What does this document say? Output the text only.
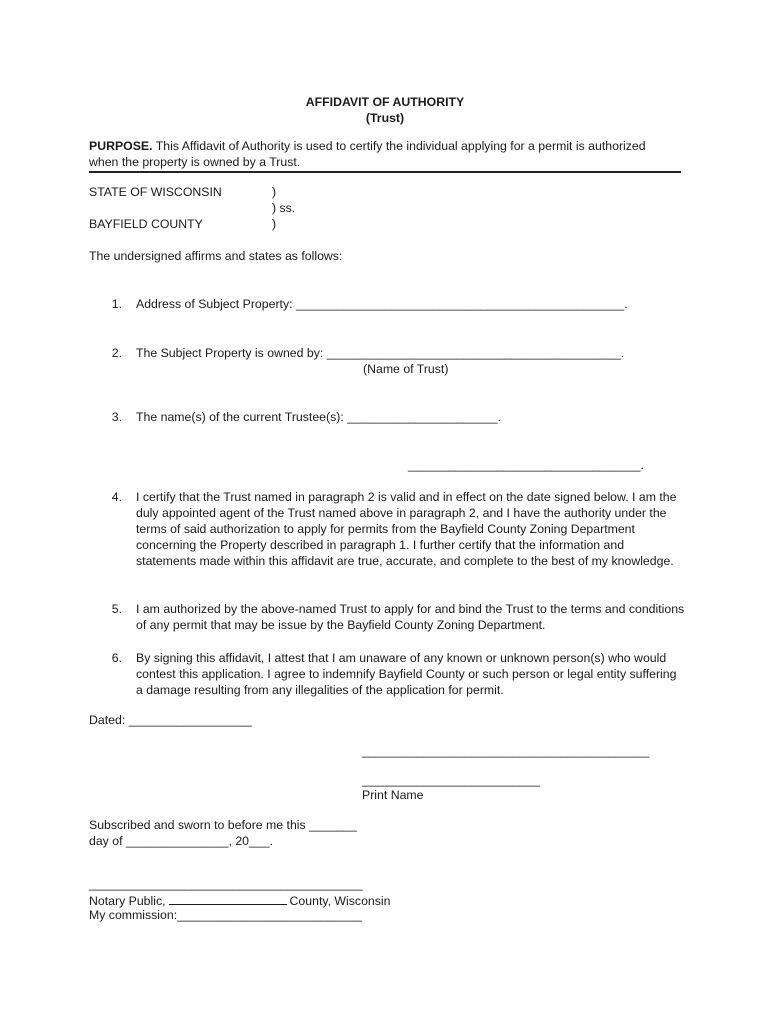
AFFIDAVIT OF AUTHORITY
(Trust)
PURPOSE. This Affidavit of Authority is used to certify the individual applying for a permit is authorized
when the property is owned by a Trust.
STATE OF WISCONSIN
BAYFIELD COUNTY
)
) ss.
)
The undersigned affirms and states as follows:
1. Address of Subject Property: ________________________________________________.
2. The Subject Property is owned by: ___________________________________________.
(Name of Trust)
3. The name(s) of the current Trustee(s): ______________________.
__________________________________.
4. I certify that the Trust named in paragraph 2 is valid and in effect on the date signed below. I am the duly appointed agent of the Trust named above in paragraph 2, and I have the authority under the terms of said authorization to apply for permits from the Bayfield County Zoning Department concerning the Property described in paragraph 1. I further certify that the information and statements made within this affidavit are true, accurate, and complete to the best of my knowledge.
5. I am authorized by the above-named Trust to apply for and bind the Trust to the terms and conditions of any permit that may be issue by the Bayfield County Zoning Department.
6. By signing this affidavit, I attest that I am unaware of any known or unknown person(s) who would contest this application. I agree to indemnify Bayfield County or such person or legal entity suffering a damage resulting from any illegalities of the application for permit.
Dated: __________________
__________________________________________
__________________________
Print Name
Subscribed and sworn to before me this _______
day of _______________, 20___.
________________________________________
Notary Public,	County, Wisconsin
My commission:___________________________
